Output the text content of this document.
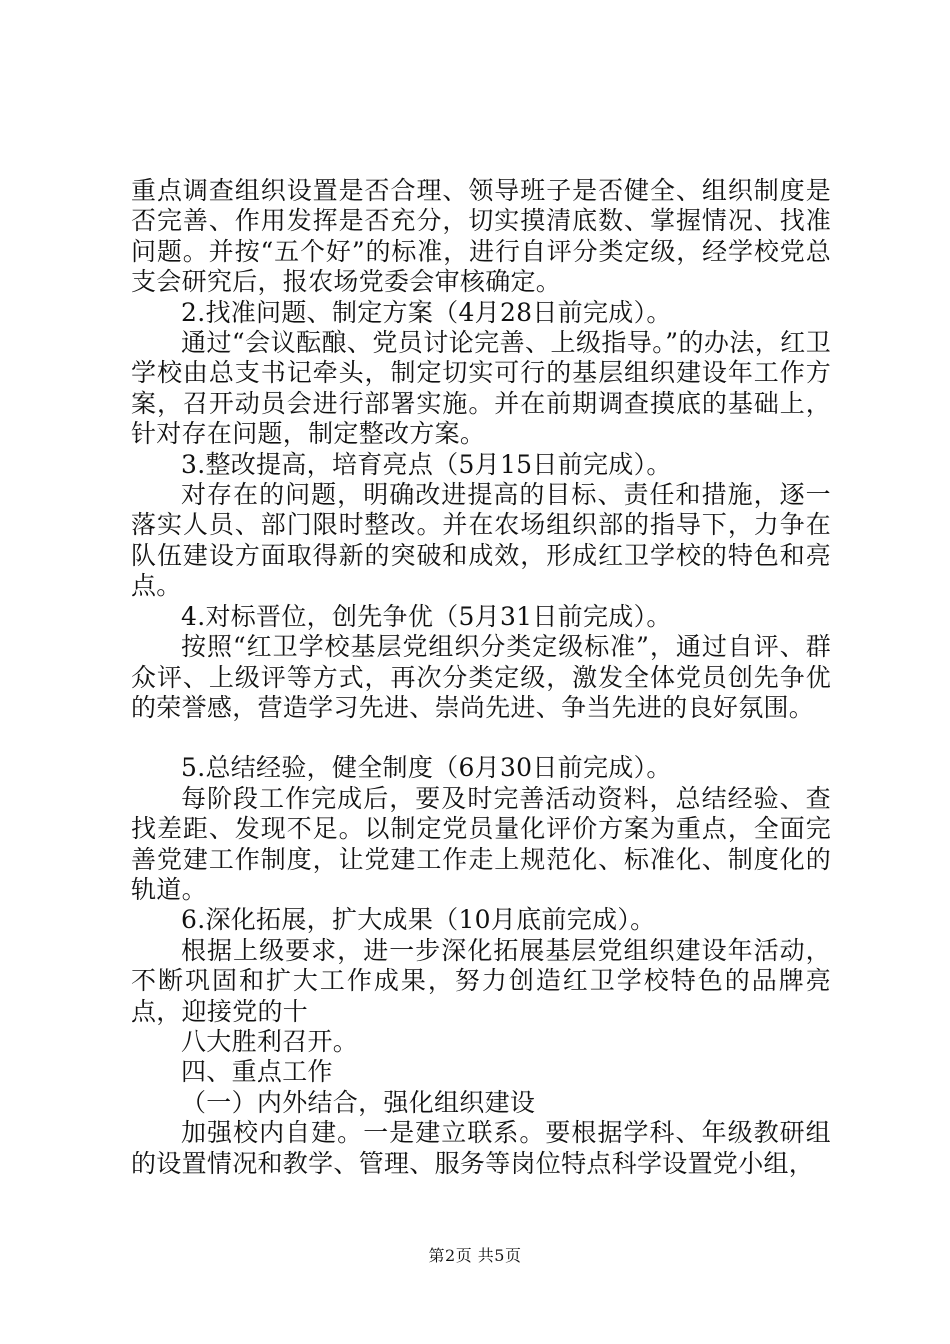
重点调查组织设置是否合理、领导班子是否健全、组织制度是否完善、作用发挥是否充分，切实摸清底数、掌握情况、找准问题。并按“五个好”的标准，进行自评分类定级，经学校党总支会研究后，报农场党委会审核确定。

2.找准问题、制定方案（4月28日前完成）。

通过“会议酝酿、党员讨论完善、上级指导。”的办法，红卫学校由总支书记牵头，制定切实可行的基层组织建设年工作方案，召开动员会进行部署实施。并在前期调查摸底的基础上，针对存在问题，制定整改方案。

3.整改提高，培育亮点（5月15日前完成）。

对存在的问题，明确改进提高的目标、责任和措施，逐一落实人员、部门限时整改。并在农场组织部的指导下，力争在队伍建设方面取得新的突破和成效，形成红卫学校的特色和亮点。

4.对标晋位，创先争优（5月31日前完成）。

按照“红卫学校基层党组织分类定级标准”，通过自评、群众评、上级评等方式，再次分类定级，激发全体党员创先争优的荣誉感，营造学习先进、崇尚先进、争当先进的良好氛围。

5.总结经验，健全制度（6月30日前完成）。

每阶段工作完成后，要及时完善活动资料，总结经验、查找差距、发现不足。以制定党员量化评价方案为重点，全面完善党建工作制度，让党建工作走上规范化、标准化、制度化的轨道。

6.深化拓展，扩大成果（10月底前完成）。

根据上级要求，进一步深化拓展基层党组织建设年活动，不断巩固和扩大工作成果，努力创造红卫学校特色的品牌亮点，迎接党的十

八大胜利召开。

四、重点工作

（一）内外结合，强化组织建设

加强校内自建。一是建立联系。要根据学科、年级教研组的设置情况和教学、管理、服务等岗位特点科学设置党小组，

第2页 共5页
